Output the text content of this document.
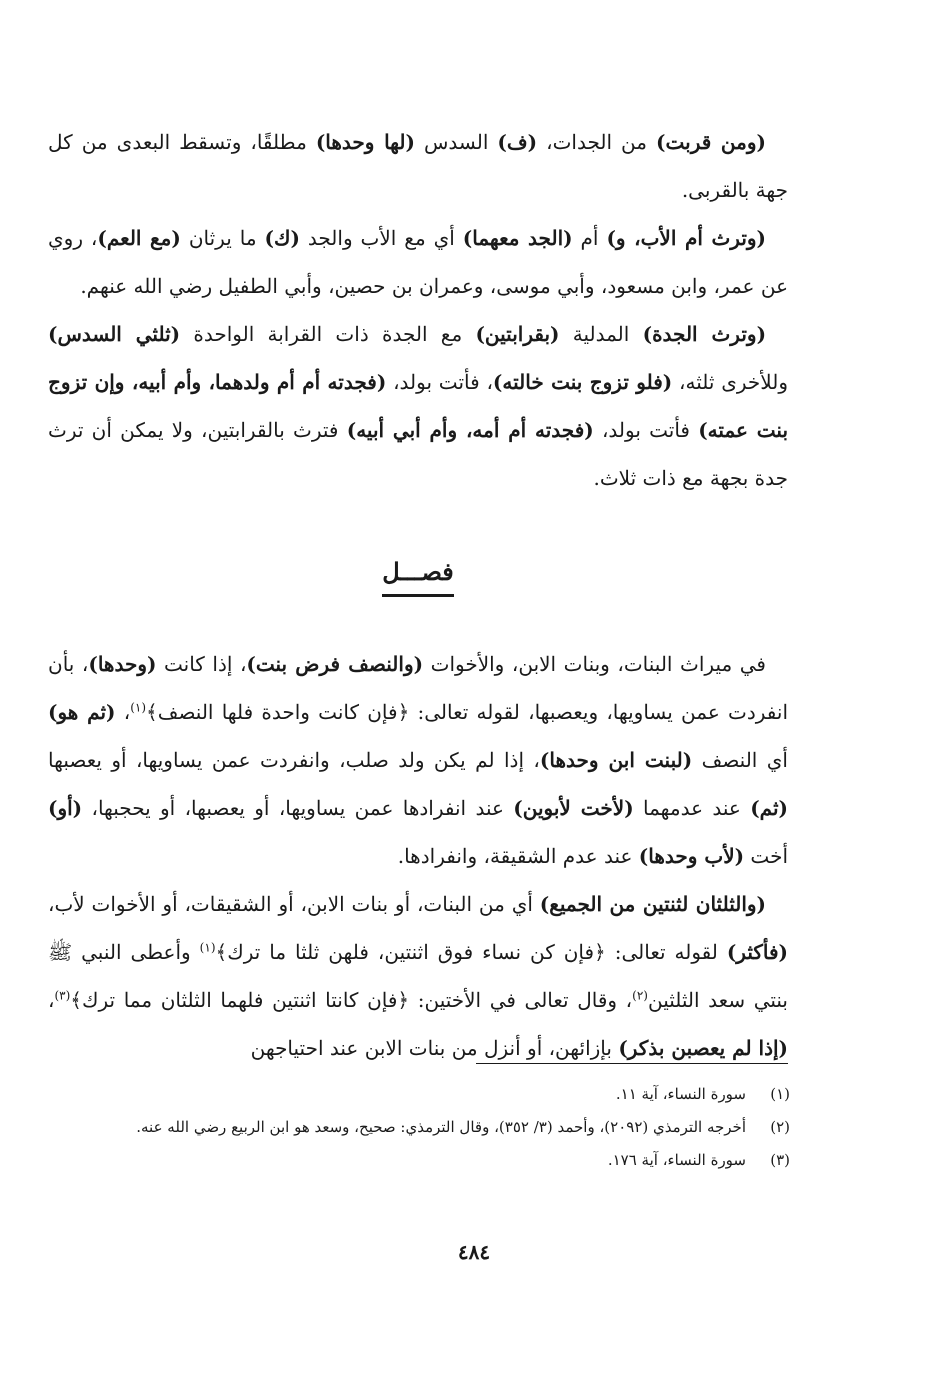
(ومن قربت) من الجدات، (ف) السدس (لها وحدها) مطلقًا، وتسقط البعدى من كل جهة بالقربى.

(وترث أم الأب، و) أم (الجد معهما) أي مع الأب والجد (ك) ما يرثان (مع العم)، روي عن عمر، وابن مسعود، وأبي موسى، وعمران بن حصين، وأبي الطفيل رضي الله عنهم.

(وترث الجدة) المدلية (بقرابتين) مع الجدة ذات القرابة الواحدة (ثلثي السدس) وللأخرى ثلثه، (فلو تزوج بنت خالته)، فأتت بولد، (فجدته أم أم ولدهما، وأم أبيه، وإن تزوج بنت عمته) فأتت بولد، (فجدته أم أمه، وأم أبي أبيه) فترث بالقرابتين، ولا يمكن أن ترث جدة بجهة مع ذات ثلاث.

فصـــل

في ميراث البنات، وبنات الابن، والأخوات (والنصف فرض بنت)، إذا كانت (وحدها)، بأن انفردت عمن يساويها، ويعصبها، لقوله تعالى: ﴿فإن كانت واحدة فلها النصف﴾$^{(١)}$، (ثم هو) أي النصف (لبنت ابن وحدها)، إذا لم يكن ولد صلب، وانفردت عمن يساويها، أو يعصبها (ثم) عند عدمهما (لأخت لأبوين) عند انفرادها عمن يساويها، أو يعصبها، أو يحجبها، (أو) أخت (لأب وحدها) عند عدم الشقيقة، وانفرادها.

(والثلثان لثنتين من الجميع) أي من البنات، أو بنات الابن، أو الشقيقات، أو الأخوات لأب، (فأكثر) لقوله تعالى: ﴿فإن كن نساء فوق اثنتين، فلهن ثلثا ما ترك﴾$^{(١)}$ وأعطى النبي ﷺ بنتي سعد الثلثين$^{(٢)}$، وقال تعالى في الأختين: ﴿فإن كانتا اثنتين فلهما الثلثان مما ترك﴾$^{(٣)}$، (إذا لم يعصبن بذكر) بإزائهن، أو أنزل من بنات الابن عند احتياجهن

(١)
سورة النساء، آية ١١.
(٢)
أخرجه الترمذي (٢٠٩٢)، وأحمد (٣/ ٣٥٢)، وقال الترمذي: صحيح، وسعد هو ابن الربيع رضي الله عنه.
(٣)
سورة النساء، آية ١٧٦.
٤٨٤
